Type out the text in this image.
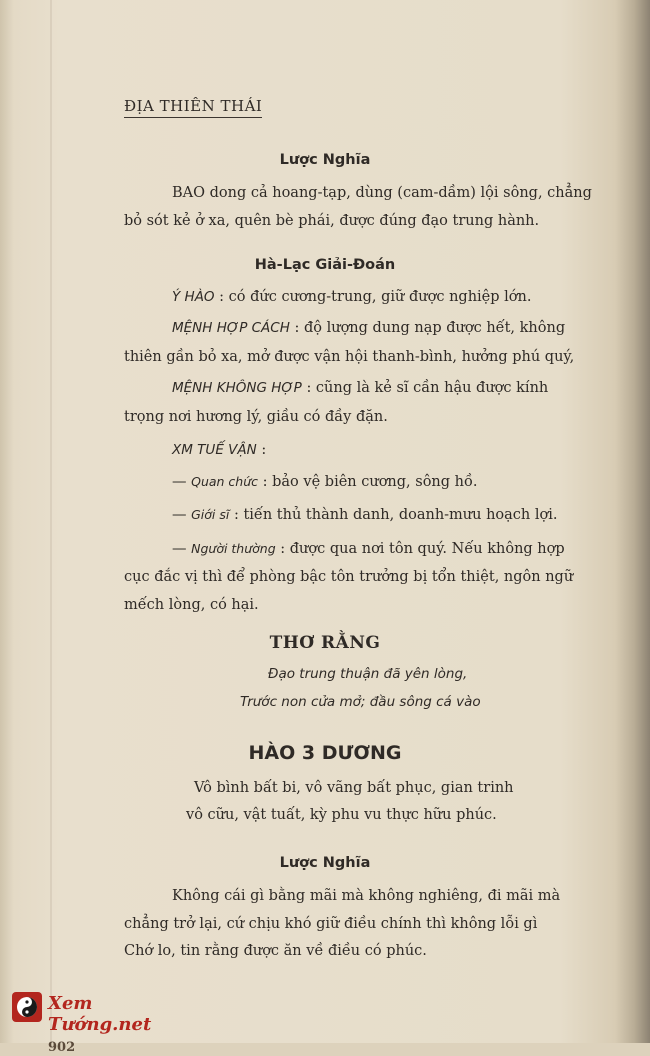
ĐỊA THIÊN THÁI
Lược Nghĩa
BAO dong cả hoang-tạp, dùng (cam-dầm) lội sông, chẳng
bỏ sót kẻ ở xa, quên bè phái, được đúng đạo trung hành.
Hà-Lạc Giải-Đoán
Ý HÀO : có đức cương-trung, giữ được nghiệp lớn.
MỆNH HỢP CÁCH : độ lượng dung nạp được hết, không
thiên gần bỏ xa, mở được vận hội thanh-bình, hưởng phú quý,
MỆNH KHÔNG HỢP : cũng là kẻ sĩ cần hậu được kính
trọng nơi hương lý, giầu có đầy đặn.
XM TUẾ VẬN :
— Quan chức : bảo vệ biên cương, sông hồ.
— Giới sĩ : tiến thủ thành danh, doanh-mưu hoạch lợi.
— Người thường : được qua nơi tôn quý. Nếu không hợp
cục đắc vị thì để phòng bậc tôn trưởng bị tổn thiệt, ngôn ngữ
mếch lòng, có hại.
THƠ RẰNG
Đạo trung thuận đã yên lòng,
Trước non cửa mở; đầu sông cá vào
HÀO 3 DƯƠNG
Vô bình bất bi, vô vãng bất phục, gian trinh
vô cữu, vật tuất, kỳ phu vu thực hữu phúc.
Lược Nghĩa
Không cái gì bằng mãi mà không nghiêng, đi mãi mà
chẳng trở lại, cứ chịu khó giữ điều chính thì không lỗi gì
Chớ lo, tin rằng được ăn về điều có phúc.
Xem Tướng.net 902
